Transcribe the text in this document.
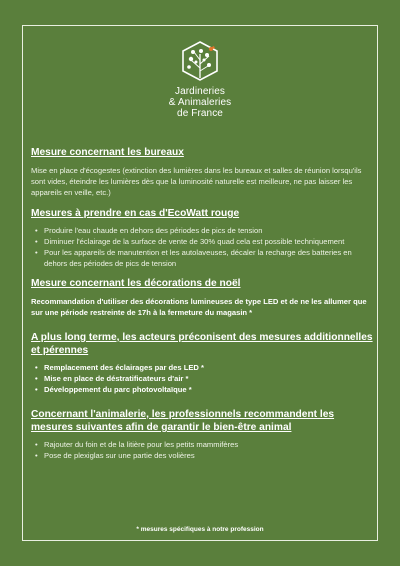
Jardineries
& Animaleries
de France
Mesure concernant les bureaux

Mise en place d'écogestes (extinction des lumières dans les bureaux et salles de réunion lorsqu'ils sont vides, éteindre les lumières dès que la luminosité naturelle est meilleure, ne pas laisser les appareils en veille, etc.)

Mesures à prendre en cas d'EcoWatt rouge
• Produire l'eau chaude en dehors des périodes de pics de tension
• Diminuer l'éclairage de la surface de vente de 30% quad cela est possible techniquement
• Pour les appareils de manutention et les autolaveuses, décaler la recharge des batteries en dehors des périodes de pics de tension
Mesure concernant les décorations de noël

Recommandation d'utiliser des décorations lumineuses de type LED et de ne les allumer que sur une période restreinte de 17h à la fermeture du magasin *

A plus long terme, les acteurs préconisent des mesures additionnelles et pérennes
• Remplacement des éclairages par des LED *
• Mise en place de déstratificateurs d'air *
• Développement du parc photovoltaïque *
Concernant l'animalerie, les professionnels recommandent les mesures suivantes afin de garantir le bien-être animal
• Rajouter du foin et de la litière pour les petits mammifères
• Pose de plexiglas sur une partie des volières
* mesures spécifiques à notre profession
